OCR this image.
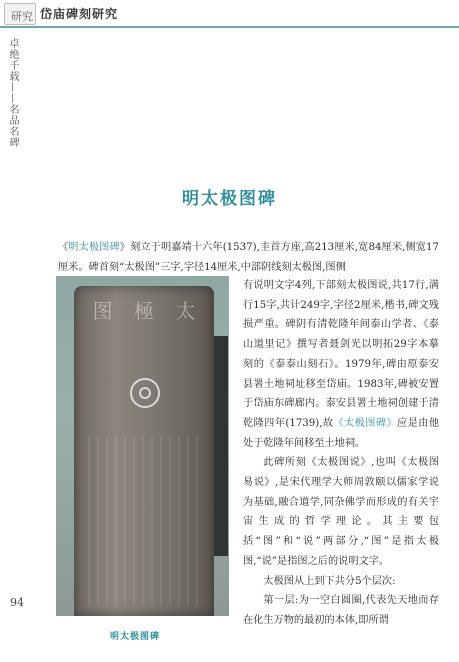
研究 岱庙碑刻研究
卓绝千载——名品名碑
明太极图碑

《明太极图碑》刻立于明嘉靖十六年(1537),圭首方座,高213厘米,宽84厘米,侧宽17厘米。碑首刻“太极图”三字,字径14厘米,中部阴线刻太极图,图侧

图 極 太
94
明太极图碑

有说明文字4列,下部刻太极图说,共17行,满行15字,共计249字,字径2厘米,楷书,碑文残损严重。碑阴有清乾隆年间泰山学者、《泰山道里记》撰写者聂剑光以明拓29字本摹刻的《泰泰山刻石》。1979年,碑由原泰安县署土地祠址移至岱庙。1983年,碑被安置于岱庙东碑廊内。泰安县署土地祠创建于清乾隆四年(1739),故《太极图碑》应是由他处于乾隆年间移至土地祠。

此碑所刻《太极图说》,也叫《太极图易说》,是宋代理学大师周敦颐以儒家学说为基础,融合道学,同杂佛学而形成的有关宇宙生成的哲学理论。其主要包括“图”和“说”两部分,“图”是指太极图,“说”是指图之后的说明文字。

太极图从上到下共分5个层次:

第一层:为一空白圆圈,代表先天地而存在化生万物的最初的本体,即所谓
